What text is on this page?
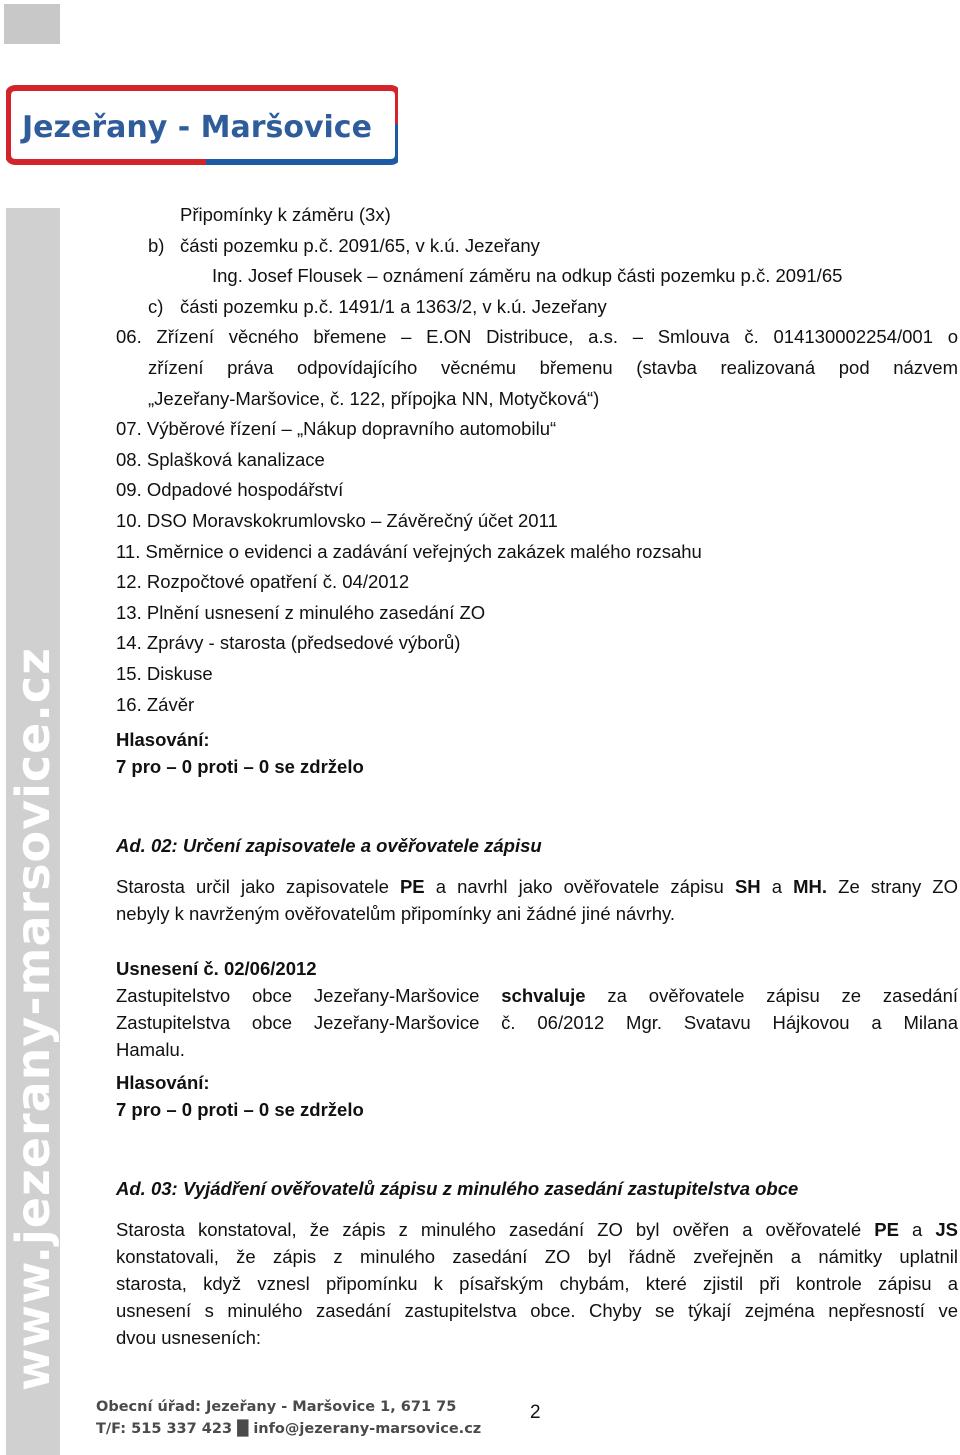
Jezeřany - Maršovice
www.jezerany-marsovice.cz
Připomínky k záměru (3x)
b) části pozemku p.č. 2091/65, v k.ú. Jezeřany
Ing. Josef Flousek – oznámení záměru na odkup části pozemku p.č. 2091/65
c) části pozemku p.č. 1491/1 a 1363/2, v k.ú. Jezeřany
06. Zřízení věcného břemene – E.ON Distribuce, a.s. – Smlouva č. 014130002254/001 o
zřízení práva odpovídajícího věcnému břemenu (stavba realizovaná pod názvem
„Jezeřany-Maršovice, č. 122, přípojka NN, Motyčková“)
07. Výběrové řízení – „Nákup dopravního automobilu“
08. Splašková kanalizace
09. Odpadové hospodářství
10. DSO Moravskokrumlovsko – Závěrečný účet 2011
11. Směrnice o evidenci a zadávání veřejných zakázek malého rozsahu
12. Rozpočtové opatření č. 04/2012
13. Plnění usnesení z minulého zasedání ZO
14. Zprávy - starosta (předsedové výborů)
15. Diskuse
16. Závěr
Hlasování:
7 pro – 0 proti – 0 se zdrželo
Ad. 02: Určení zapisovatele a ověřovatele zápisu
Starosta určil jako zapisovatele PE a navrhl jako ověřovatele zápisu SH a MH. Ze strany ZO
nebyly k navrženým ověřovatelům připomínky ani žádné jiné návrhy.
Usnesení č. 02/06/2012
Zastupitelstvo obce Jezeřany-Maršovice schvaluje za ověřovatele zápisu ze zasedání
Zastupitelstva obce Jezeřany-Maršovice č. 06/2012 Mgr. Svatavu Hájkovou a Milana
Hamalu.
Hlasování:
7 pro – 0 proti – 0 se zdrželo
Ad. 03: Vyjádření ověřovatelů zápisu z minulého zasedání zastupitelstva obce
Starosta konstatoval, že zápis z minulého zasedání ZO byl ověřen a ověřovatelé PE a JS
konstatovali, že zápis z minulého zasedání ZO byl řádně zveřejněn a námitky uplatnil
starosta, když vznesl připomínku k písařským chybám, které zjistil při kontrole zápisu a
usnesení s minulého zasedání zastupitelstva obce. Chyby se týkají zejména nepřesností ve
dvou usneseních:
Obecní úřad: Jezeřany - Maršovice 1, 671 75
T/F: 515 337 423 █ info@jezerany-marsovice.cz
2
